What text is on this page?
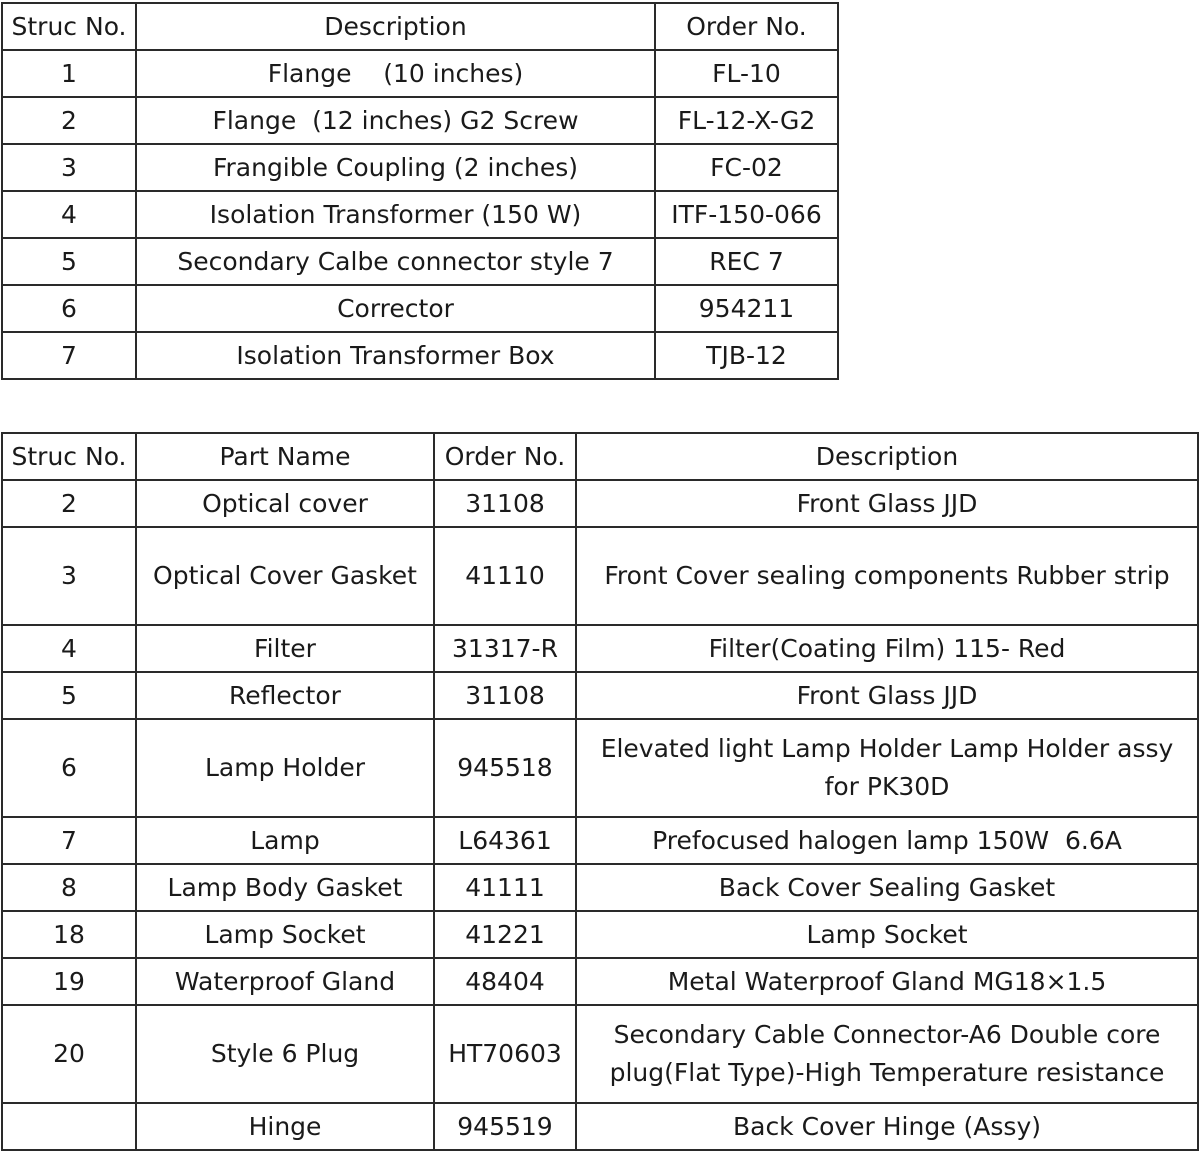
Struc No.	Description	Order No.
1	Flange    (10 inches)	FL-10
2	Flange  (12 inches) G2 Screw	FL-12-X-G2
3	Frangible Coupling (2 inches)	FC-02
4	Isolation Transformer (150 W)	ITF-150-066
5	Secondary Calbe connector style 7	REC 7
6	Corrector	954211
7	Isolation Transformer Box	TJB-12
Struc No.	Part Name	Order No.	Description
2	Optical cover	31108	Front Glass JJD
3	Optical Cover Gasket	41110	Front Cover sealing components Rubber strip
4	Filter	31317-R	Filter(Coating Film) 115- Red
5	Reflector	31108	Front Glass JJD
6	Lamp Holder	945518	Elevated light Lamp Holder Lamp Holder assy for PK30D
7	Lamp	L64361	Prefocused halogen lamp 150W  6.6A
8	Lamp Body Gasket	41111	Back Cover Sealing Gasket
18	Lamp Socket	41221	Lamp Socket
19	Waterproof Gland	48404	Metal Waterproof Gland MG18×1.5
20	Style 6 Plug	HT70603	Secondary Cable Connector-A6 Double core plug(Flat Type)-High Temperature resistance
	Hinge	945519	Back Cover Hinge (Assy)
